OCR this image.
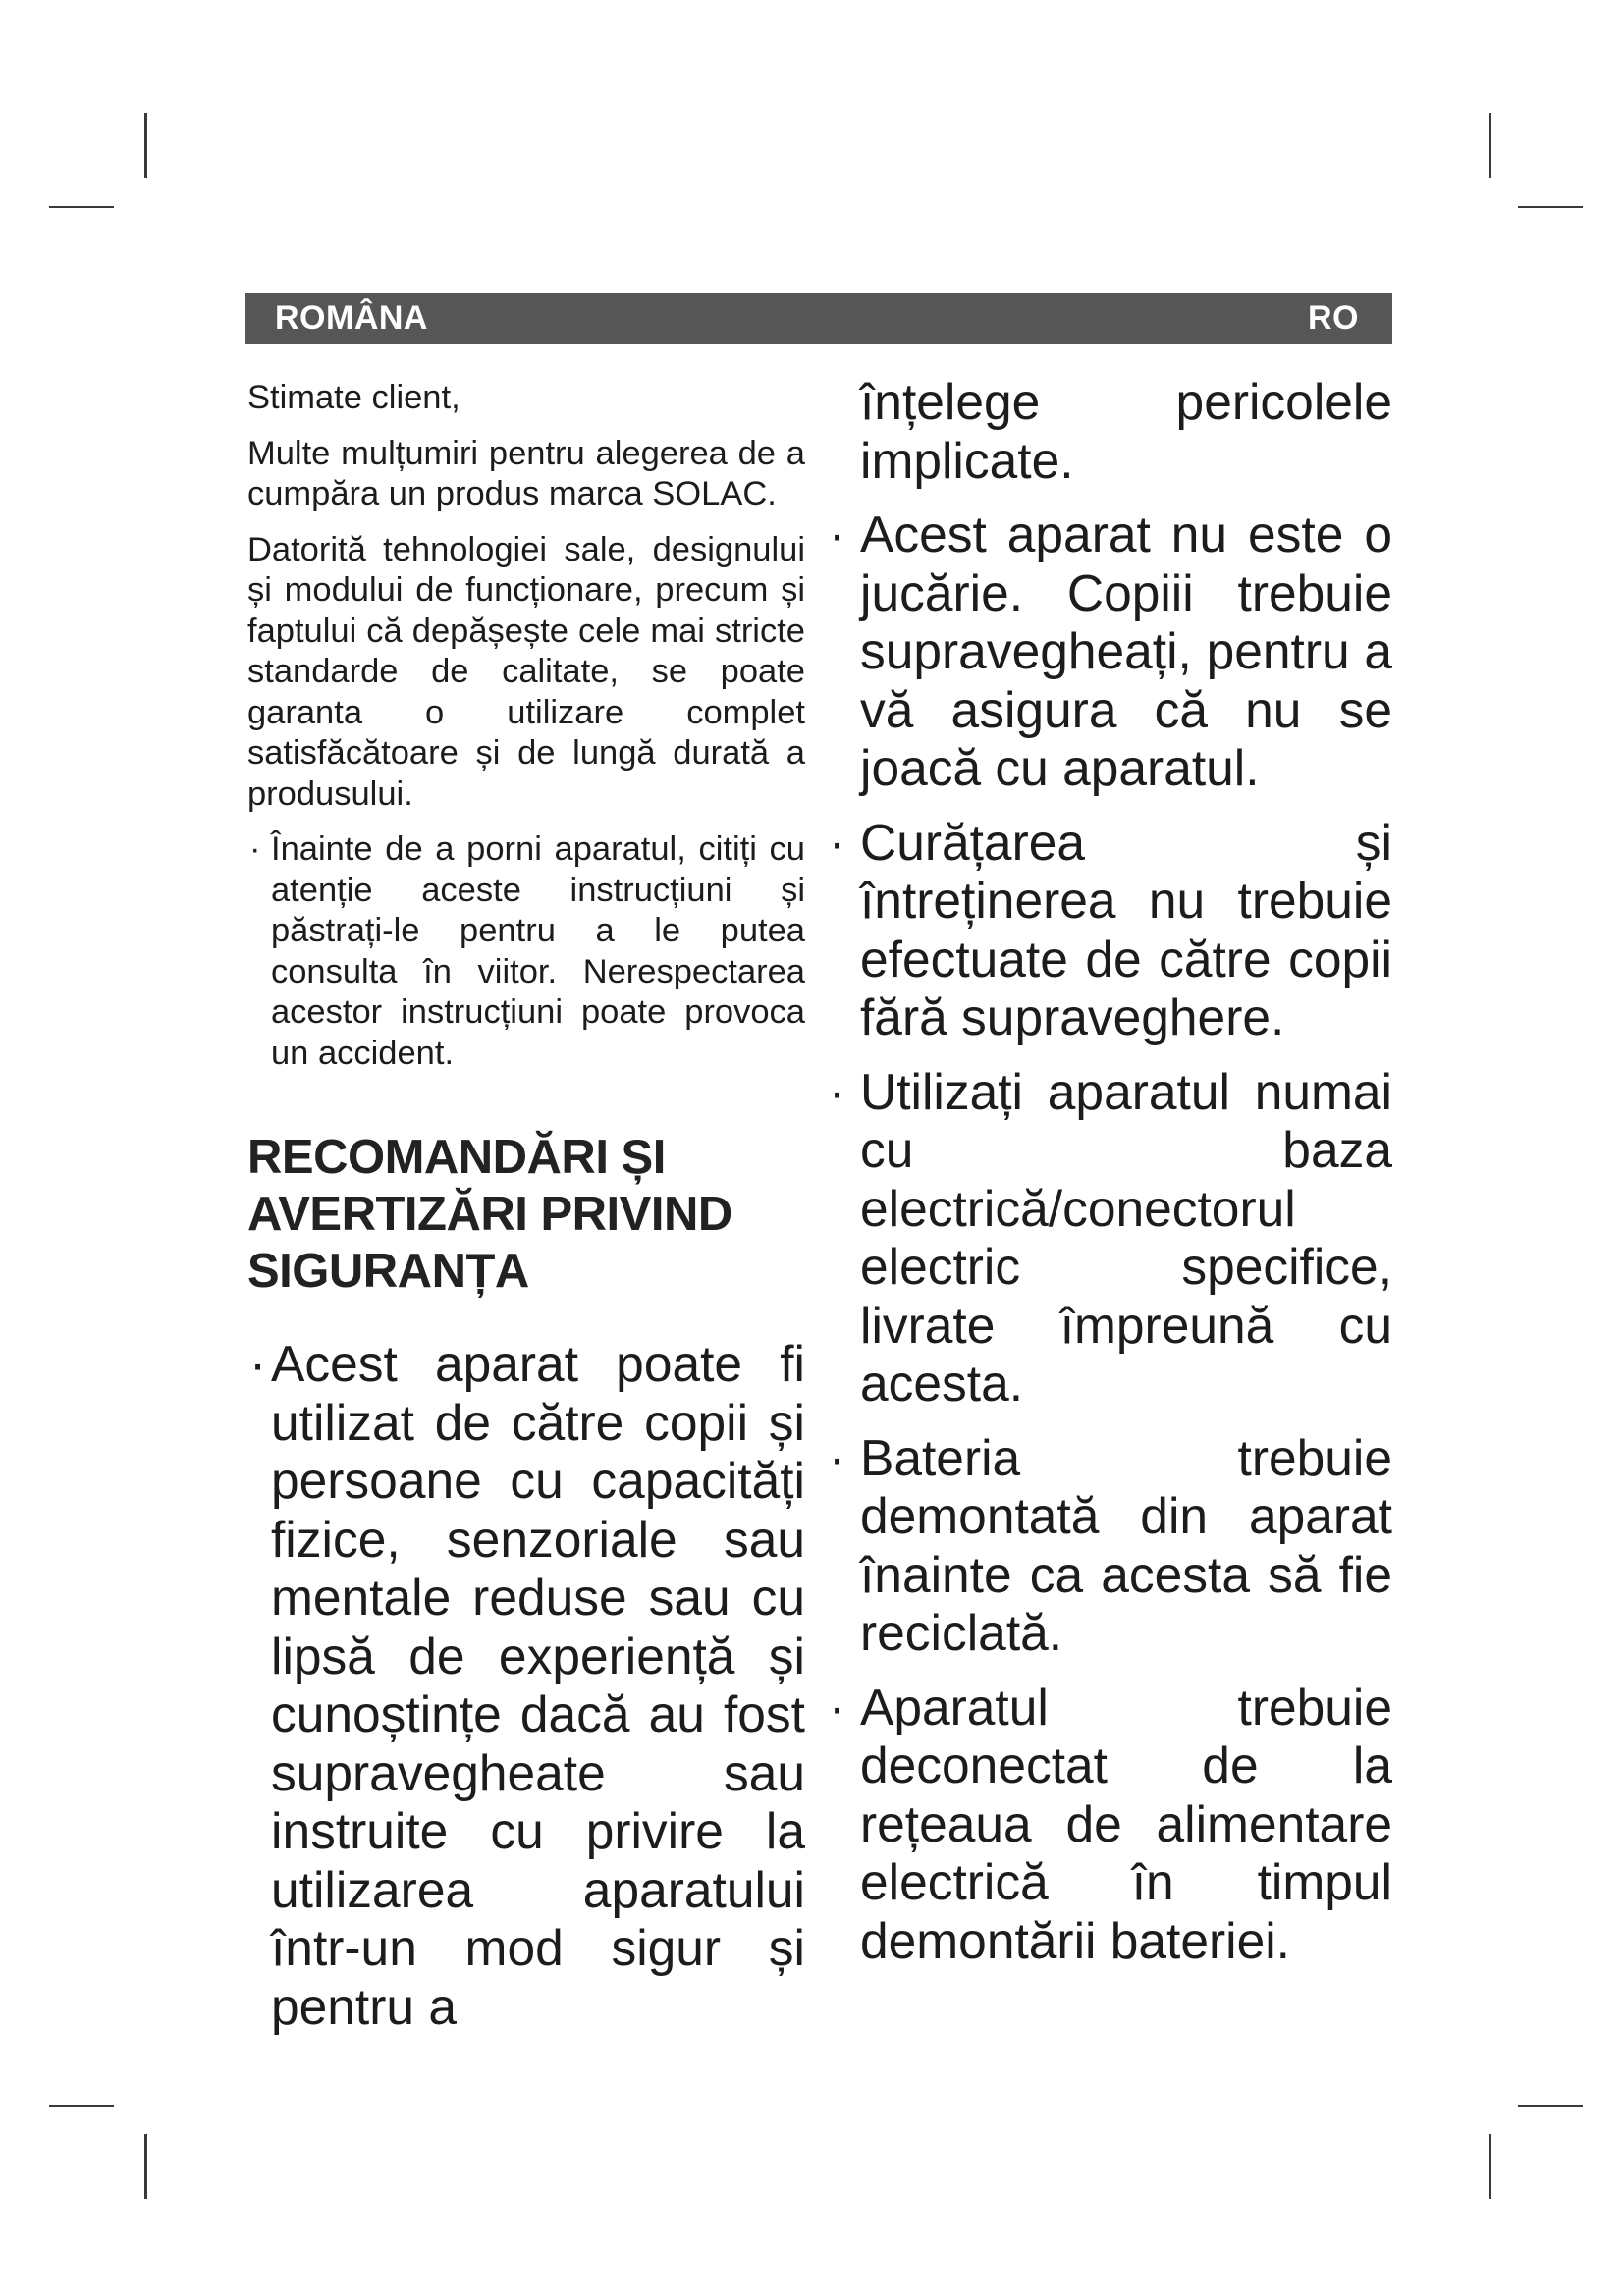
ROMÂNA	RO

Stimate client,

Multe mulțumiri pentru alegerea de a cumpăra un produs marca SOLAC.

Datorită tehnologiei sale, designului și modului de funcționare, precum și faptului că depășește cele mai stricte standarde de calitate, se poate garanta o utilizare complet satisfăcătoare și de lungă durată a produsului.

· Înainte de a porni aparatul, citiți cu atenție aceste instrucțiuni și păstrați-le pentru a le putea consulta în viitor. Nerespectarea acestor instrucțiuni poate provoca un accident.

RECOMANDĂRI ȘI AVERTIZĂRI PRIVIND SIGURANȚA

· Acest aparat poate fi utilizat de către copii și persoane cu capacități fizice, senzoriale sau mentale reduse sau cu lipsă de experiență și cunoștințe dacă au fost supravegheate sau instruite cu privire la utilizarea aparatului într-un mod sigur și pentru a

înțelege pericolele implicate.

· Acest aparat nu este o jucărie. Copiii trebuie supravegheați, pentru a vă asigura că nu se joacă cu aparatul.

· Curățarea și întreținerea nu trebuie efectuate de către copii fără supraveghere.

· Utilizați aparatul numai cu baza electrică/conectorul electric specifice, livrate împreună cu acesta.

· Bateria trebuie demontată din aparat înainte ca acesta să fie reciclată.

· Aparatul trebuie deconectat de la rețeaua de alimentare electrică în timpul demontării bateriei.
